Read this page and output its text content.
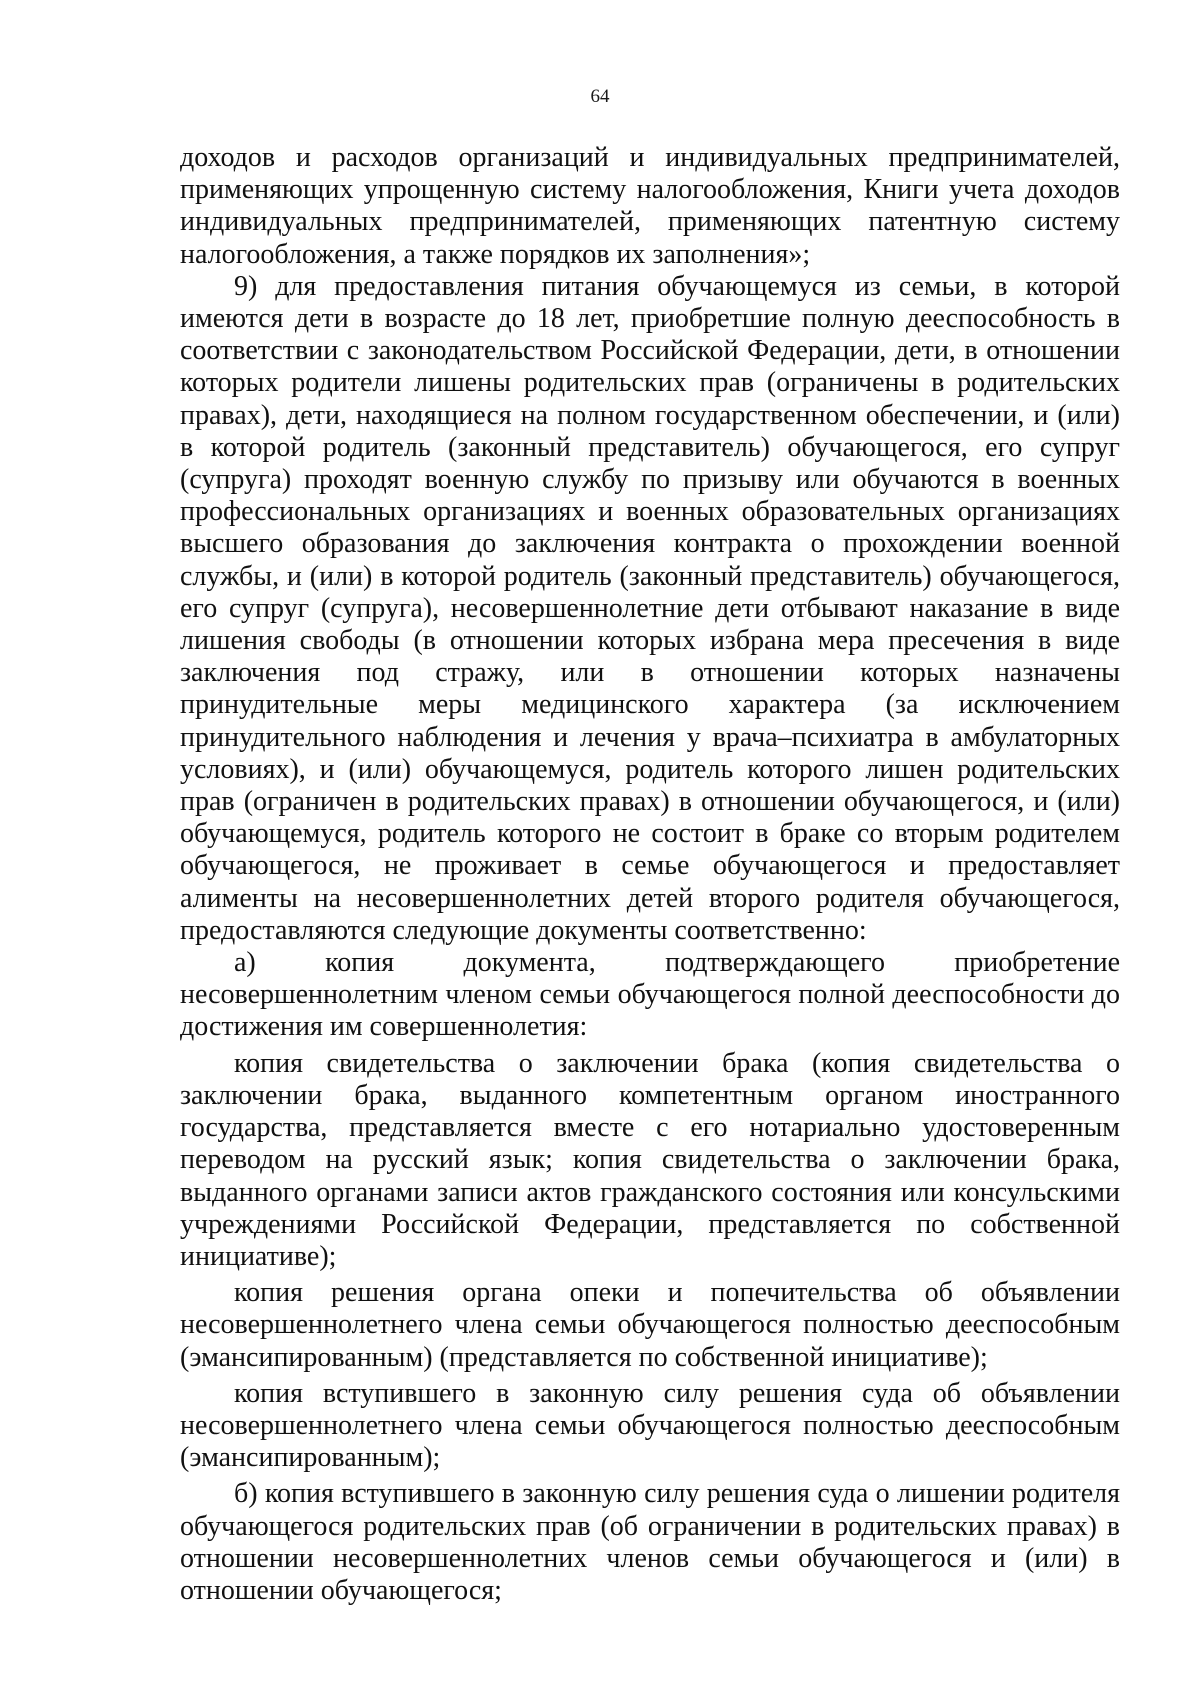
64

доходов и расходов организаций и индивидуальных предпринимателей, применяющих упрощенную систему налогообложения, Книги учета доходов индивидуальных предпринимателей, применяющих патентную систему налогообложения, а также порядков их заполнения»;

9) для предоставления питания обучающемуся из семьи, в которой имеются дети в возрасте до 18 лет, приобретшие полную дееспособность в соответствии с законодательством Российской Федерации, дети, в отношении которых родители лишены родительских прав (ограничены в родительских правах), дети, находящиеся на полном государственном обеспечении, и (или) в которой родитель (законный представитель) обучающегося, его супруг (супруга) проходят военную службу по призыву или обучаются в военных профессиональных организациях и военных образовательных организациях высшего образования до заключения контракта о прохождении военной службы, и (или) в которой родитель (законный представитель) обучающегося, его супруг (супруга), несовершеннолетние дети отбывают наказание в виде лишения свободы (в отношении которых избрана мера пресечения в виде заключения под стражу, или в отношении которых назначены принудительные меры медицинского характера (за исключением принудительного наблюдения и лечения у врача–психиатра в амбулаторных условиях), и (или) обучающемуся, родитель которого лишен родительских прав (ограничен в родительских правах) в отношении обучающегося, и (или) обучающемуся, родитель которого не состоит в браке со вторым родителем обучающегося, не проживает в семье обучающегося и предоставляет алименты на несовершеннолетних детей второго родителя обучающегося, предоставляются следующие документы соответственно:

а) копия документа, подтверждающего приобретение несовершеннолетним членом семьи обучающегося полной дееспособности до достижения им совершеннолетия:

копия свидетельства о заключении брака (копия свидетельства о заключении брака, выданного компетентным органом иностранного государства, представляется вместе с его нотариально удостоверенным переводом на русский язык; копия свидетельства о заключении брака, выданного органами записи актов гражданского состояния или консульскими учреждениями Российской Федерации, представляется по собственной инициативе);

копия решения органа опеки и попечительства об объявлении несовершеннолетнего члена семьи обучающегося полностью дееспособным (эмансипированным) (представляется по собственной инициативе);

копия вступившего в законную силу решения суда об объявлении несовершеннолетнего члена семьи обучающегося полностью дееспособным (эмансипированным);

б) копия вступившего в законную силу решения суда о лишении родителя обучающегося родительских прав (об ограничении в родительских правах) в отношении несовершеннолетних членов семьи обучающегося и (или) в отношении обучающегося;
